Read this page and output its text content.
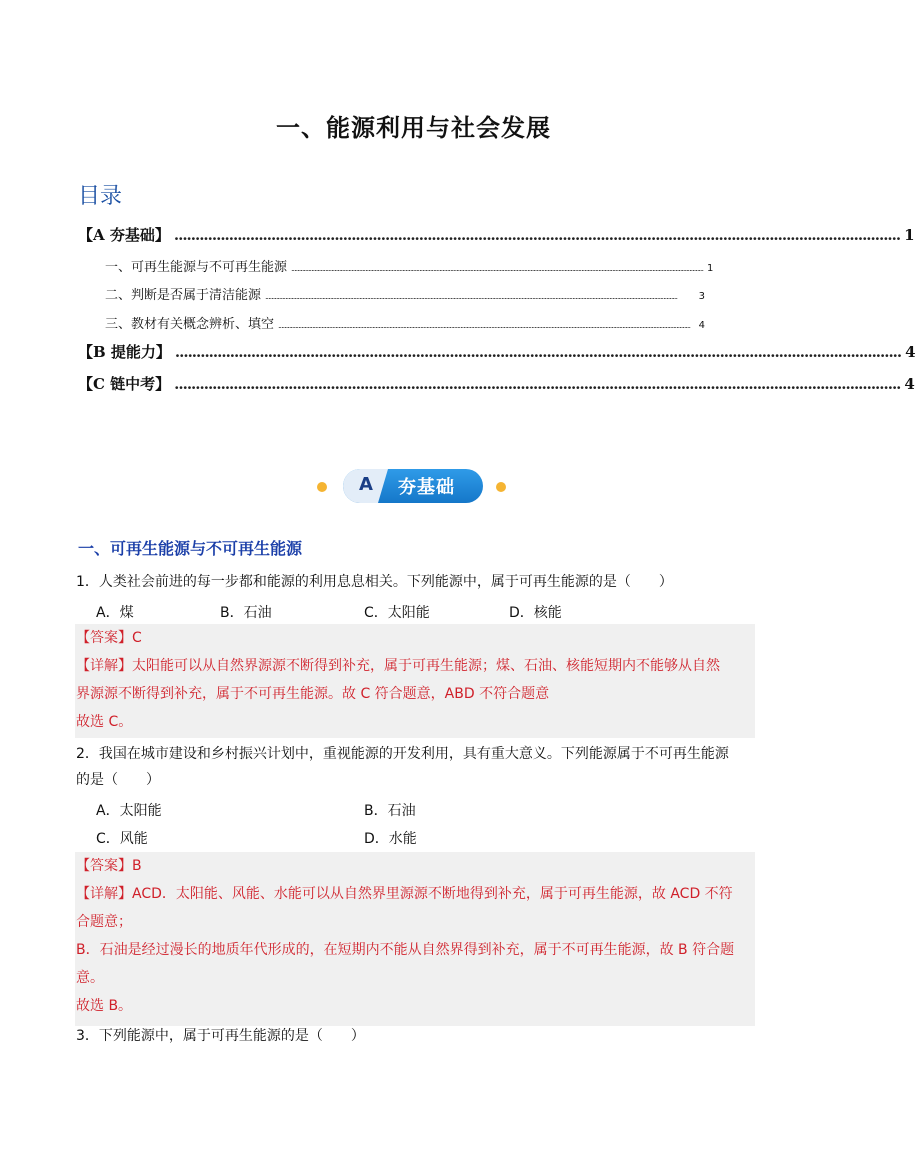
一、能源利用与社会发展
目录
【A 夯基础】 ............................................................................................................................................................................ 1
一、可再生能源与不可再生能源 ........................................................................................................................................................................................................................................................................... 1
二、判断是否属于清洁能源 ...........................................................................................................................................................................................................................................................................	3
三、教材有关概念辨析、填空 ........................................................................................................................................................................................................................................................................... 4
【B 提能力】 ............................................................................................................................................................................ 4
【C 链中考】 ............................................................................................................................................................................ 4
A 夯基础
一、可再生能源与不可再生能源
1．人类社会前进的每一步都和能源的利用息息相关。下列能源中，属于可再生能源的是（　　）
A．煤	B．石油	C．太阳能	D．核能
【答案】C
【详解】太阳能可以从自然界源源不断得到补充，属于可再生能源；煤、石油、核能短期内不能够从自然
界源源不断得到补充，属于不可再生能源。故 C 符合题意，ABD 不符合题意
故选 C。
2．我国在城市建设和乡村振兴计划中，重视能源的开发利用，具有重大意义。下列能源属于不可再生能源
的是（　　）
A．太阳能	B．石油
C．风能	D．水能
【答案】B
【详解】ACD．太阳能、风能、水能可以从自然界里源源不断地得到补充，属于可再生能源，故 ACD 不符
合题意；
B．石油是经过漫长的地质年代形成的，在短期内不能从自然界得到补充，属于不可再生能源，故 B 符合题
意。
故选 B。
3．下列能源中，属于可再生能源的是（　　）
